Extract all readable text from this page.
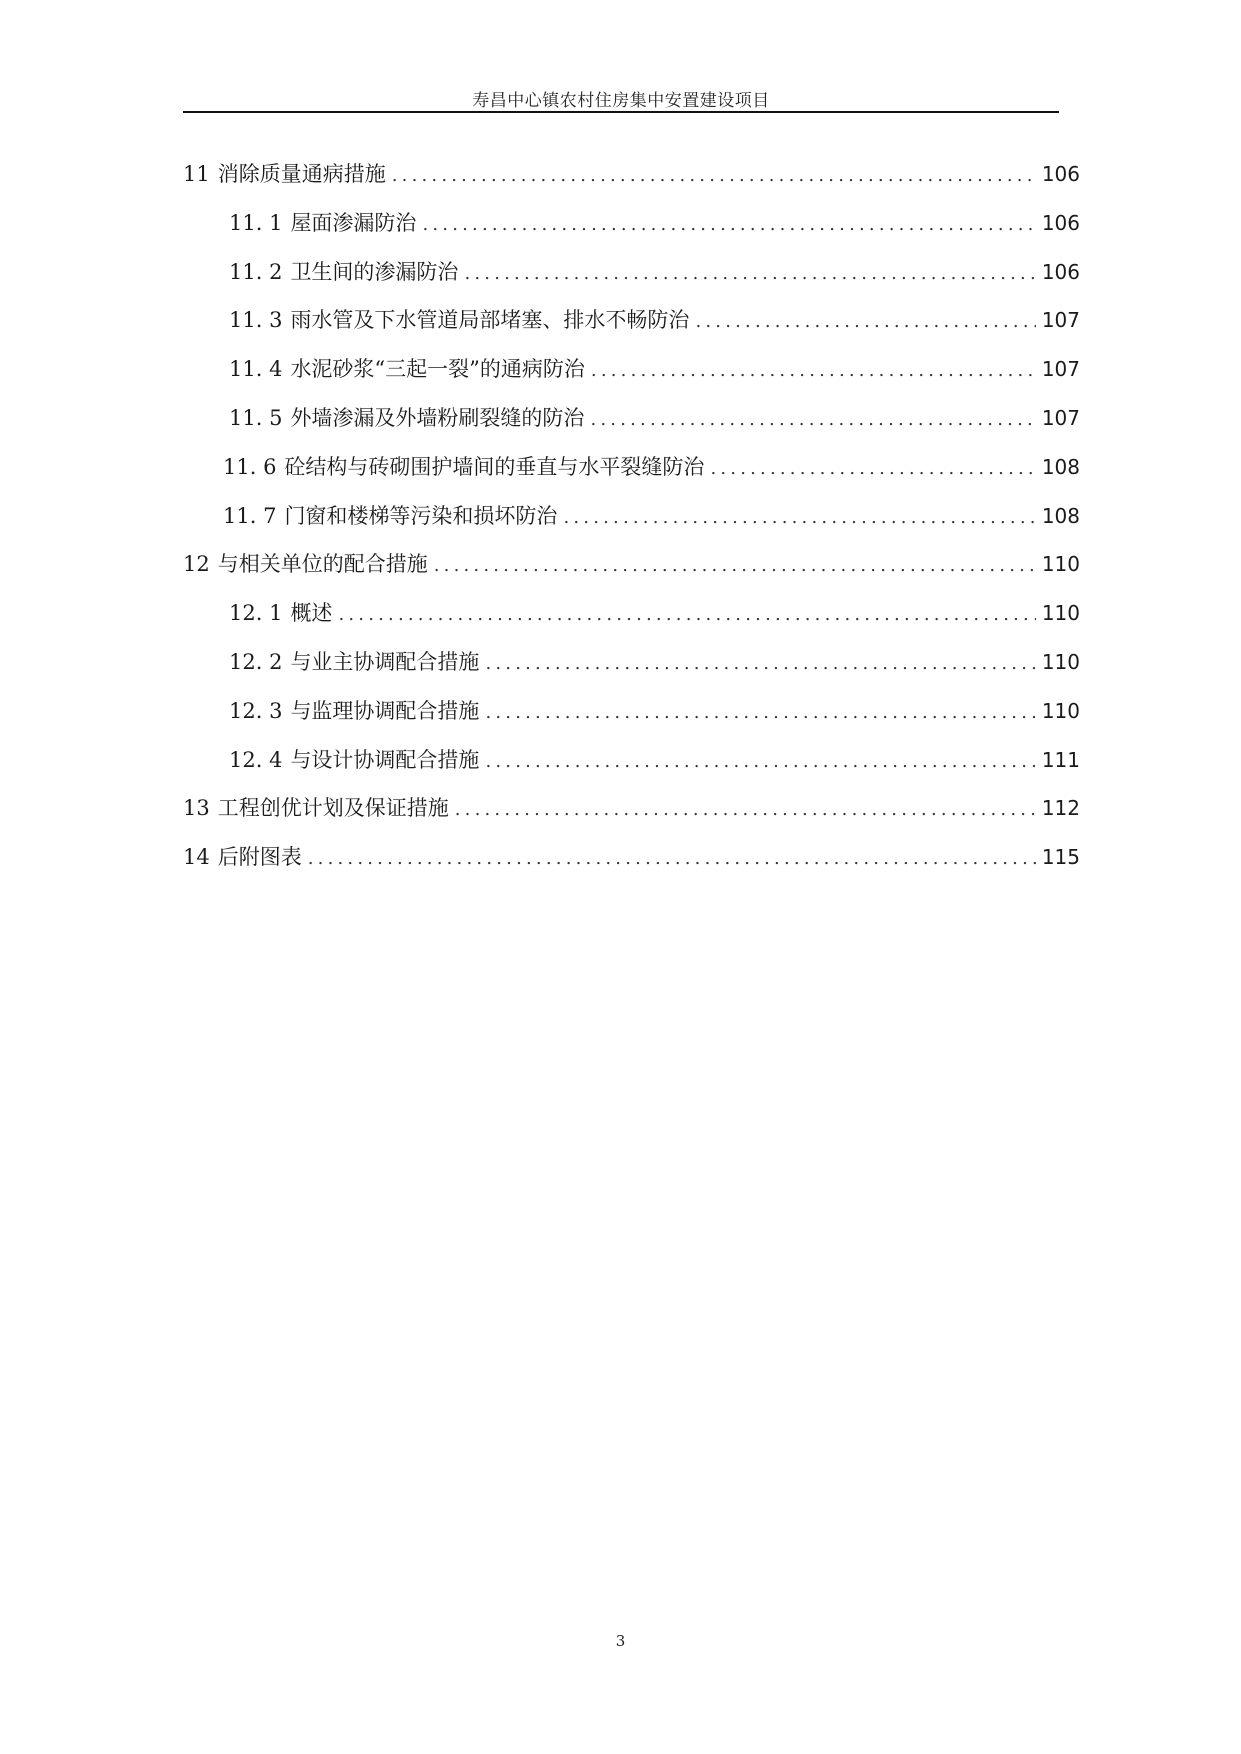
寿昌中心镇农村住房集中安置建设项目
11 消除质量通病措施 .....	106
11. 1 屋面渗漏防治 .....	106
11. 2 卫生间的渗漏防治 .....	106
11. 3 雨水管及下水管道局部堵塞、排水不畅防治 .....	107
11. 4 水泥砂浆“三起一裂”的通病防治 .....	107
11. 5 外墙渗漏及外墙粉刷裂缝的防治 .....	107
11. 6 砼结构与砖砌围护墙间的垂直与水平裂缝防治 .....	108
11. 7 门窗和楼梯等污染和损坏防治 .....	108
12 与相关单位的配合措施 .....	110
12. 1 概述 .....	110
12. 2 与业主协调配合措施 .....	110
12. 3 与监理协调配合措施 .....	110
12. 4 与设计协调配合措施 .....	111
13 工程创优计划及保证措施 .....	112
14 后附图表 .....	115
3
